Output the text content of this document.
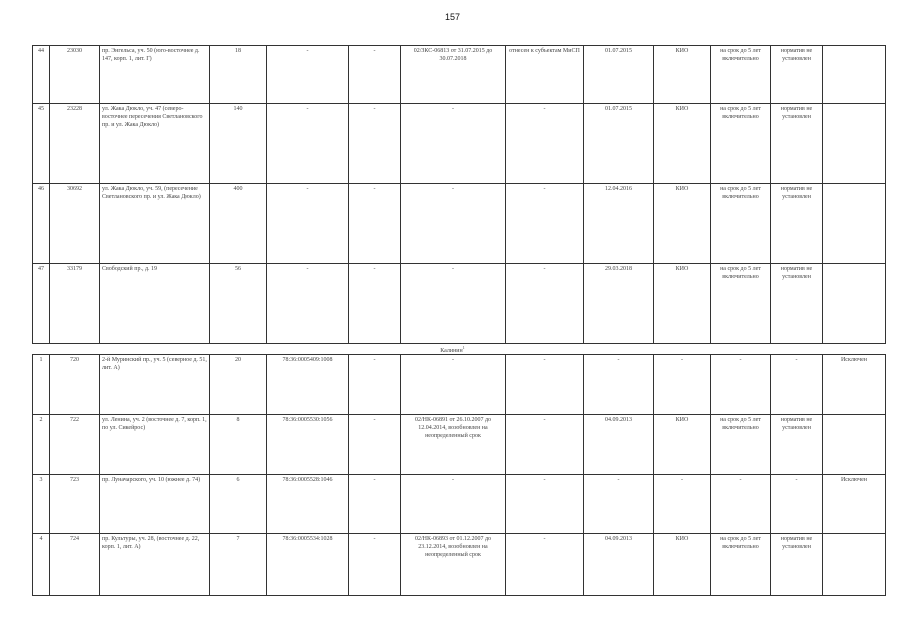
157
44	23030	пр. Энгельса, уч. 50 (юго-восточнее д. 147, корп. 1, лит. Г)	18	-	-	02/ЗКС-06813 от 31.07.2015 до 30.07.2018	отнесен к субъектам МиСП	01.07.2015	КИО	на срок до 5 лет включительно	норматив не установлен	
45	23228	ул. Жака Дюкло, уч. 47 (северо-восточнее пересечения Светлановского пр. и ул. Жака Дюкло)	140	-	-	-	-	01.07.2015	КИО	на срок до 5 лет включительно	норматив не установлен	
46	30692	ул. Жака Дюкло, уч. 59, (пересечение Светлановского пр. и ул. Жака Дюкло)	400	-	-	-	-	12.04.2016	КИО	на срок до 5 лет включительно	норматив не установлен	
47	33179	Свободский пр., д. 19	56	-	-	-	-	29.03.2018	КИО	на срок до 5 лет включительно	норматив не установлен	
Калинин$^1$
1	720	2-й Муринский пр., уч. 5 (северное д. 51, лит. А)	20	78:36:0005409:1008	-	-	-	-	-	-	-	Исключен
2	722	ул. Ленина, уч. 2 (восточнее д. 7, корп. 1, по ул. Сикейрос)	8	78:36:0005530:1056	-	02/НК-06891 от 26.10.2007 до 12.04.2014, возобновлен на неопределенный срок	-	04.09.2013	КИО	на срок до 5 лет включительно	норматив не установлен	
3	723	пр. Луначарского, уч. 10 (южнее д. 74)	6	78:36:0005528:1046	-	-	-	-	-	-	-	Исключен
4	724	пр. Культуры, уч. 28, (восточнее д. 22, корп. 1, лит. А)	7	78:36:0005534:1028	-	02/НК-06893 от 01.12.2007 до 23.12.2014, возобновлен на неопределенный срок	-	04.09.2013	КИО	на срок до 5 лет включительно	норматив не установлен	
